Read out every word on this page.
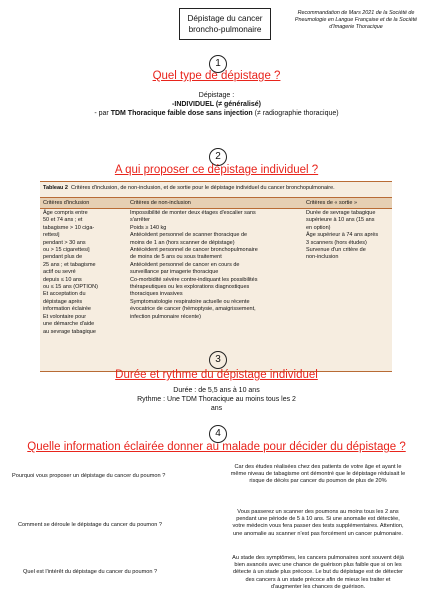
Dépistage du cancer
broncho-pulmonaire
Recommandation de Mars 2021 de la Société de
Pneumologie en Langue Française et de la Société
d'Imagerie Thoracique
1
Quel type de dépistage ?
Dépistage :
-INDIVIDUEL (≠ généralisé)
- par TDM Thoracique faible dose sans injection (≠ radiographie thoracique)
2
A qui proposer ce dépistage individuel ?
Tableau 2 Critères d'inclusion, de non-inclusion, et de sortie pour le dépistage individuel du cancer bronchopulmonaire.
Critères d'inclusion	Critères de non-inclusion	Critères de « sortie »
Âge compris entre
50 et 74 ans ; et
tabagisme > 10 ciga-
rettes/j
pendant > 30 ans
ou > 15 cigarettes/j
pendant plus de
25 ans ; et tabagisme
actif ou sevré
depuis ≤ 10 ans
ou ≤ 15 ans (OPTION)
Et acceptation du
dépistage après
information éclairée
Et volontaire pour
une démarche d'aide
au sevrage tabagique
Impossibilité de monter deux étages d'escalier sans
s'arrêter
Poids ≥ 140 kg
Antécédent personnel de scanner thoracique de
moins de 1 an (hors scanner de dépistage)
Antécédent personnel de cancer bronchopulmonaire
de moins de 5 ans ou sous traitement
Antécédent personnel de cancer en cours de
surveillance par imagerie thoracique
Co-morbidité sévère contre-indiquant les possibilités
thérapeutiques ou les explorations diagnostiques
thoraciques invasives
Symptomatologie respiratoire actuelle ou récente
évocatrice de cancer (hémoptysie, amaigrissement,
infection pulmonaire récente)
Durée de sevrage tabagique
supérieure à 10 ans (15 ans
en option)
Âge supérieur à 74 ans après
3 scanners (hors études)
Survenue d'un critère de
non-inclusion
3
Durée et rythme du dépistage individuel
Durée : de 5,5 ans à 10 ans
Rythme : Une TDM Thoracique au moins tous les 2
ans
4
Quelle information éclairée donner au malade pour décider du dépistage ?
Pourquoi vous proposer un dépistage du cancer du poumon ?
Car des études réalisées chez des patients de votre âge et ayant le
même niveau de tabagisme ont démontré que le dépistage réduisait le
risque de décès par cancer du poumon de plus de 20%
Comment se déroule le dépistage du cancer du poumon ?
Vous passerez un scanner des poumons au moins tous les 2 ans
pendant une période de 5 à 10 ans. Si une anomalie est détectée,
votre médecin vous fera passer des tests supplémentaires. Attention,
une anomalie au scanner n'est pas forcément un cancer pulmonaire.
Quel est l'intérêt du dépistage du cancer du poumon ?
Au stade des symptômes, les cancers pulmonaires sont souvent déjà
bien avancés avec une chance de guérison plus faible que si on les
détecte à un stade plus précoce. Le but du dépistage est de détecter
des cancers à un stade précoce afin de mieux les traiter et
d'augmenter les chances de guérison.
